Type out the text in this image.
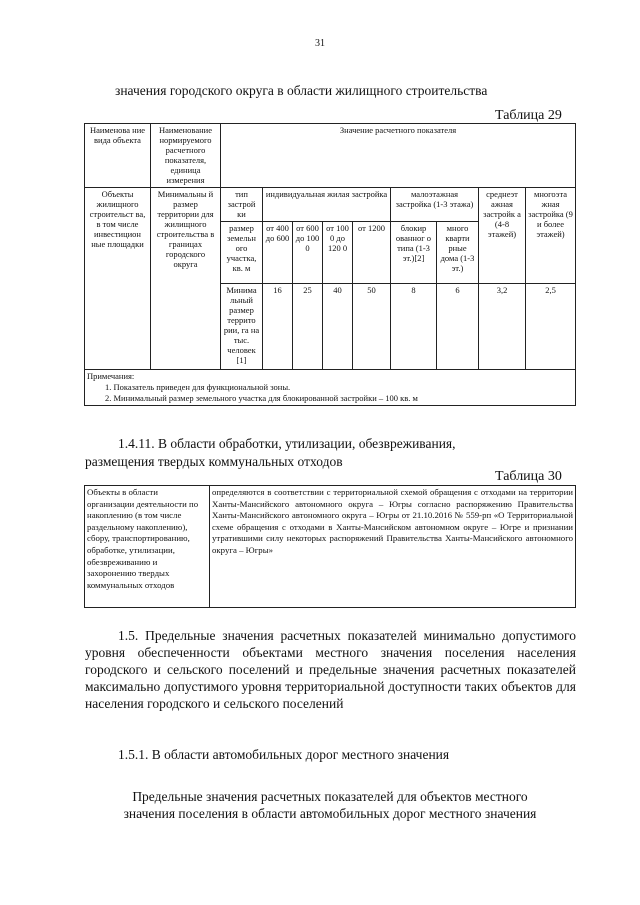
31
значения городского округа в области жилищного строительства
Таблица 29
Наименова ние вида объекта	Наименование нормируемого расчетного показателя, единица измерения	Значение расчетного показателя								
Объекты жилищного строительст ва, в том числе инвестицион ные площадки	Минимальны й размер территории для жилищного строительства в границах городского округа	тип застрой ки	индивидуальная жилая застройка				малоэтажная застройка (1-3 этажа)		среднеэт ажная застройк а (4-8 этажей)	многоэта жная застройка (9 и более этажей)
		размер земельн ого участка, кв. м	от 400 до 600	от 600 до 100 0	от 100 0 до 120 0	от 1200	блокир ованног о типа (1-3 эт.)[2]	много кварти рные дома (1-3 эт.)		
		Минима льный размер террито рии, га на тыс. человек [1]	16	25	40	50	8	6	3,2	2,5

Примечания:
1. Показатель приведен для функциональной зоны.
2. Минимальный размер земельного участка для блокированной застройки – 100 кв. м										
1.4.11. В области обработки, утилизации, обезвреживания,
размещения твердых коммунальных отходов
Таблица 30
Объекты в области организации деятельности по накоплению (в том числе раздельному накоплению), сбору, транспортированию, обработке, утилизации, обезвреживанию и захоронению твердых коммунальных отходов	определяются в соответствии с территориальной схемой обращения с отходами на территории Ханты-Мансийского автономного округа – Югры согласно распоряжению Правительства Ханты-Мансийского автономного округа – Югры от 21.10.2016 № 559-рп «О Территориальной схеме обращения с отходами в Ханты-Мансийском автономном округе – Югре и признании утратившими силу некоторых распоряжений Правительства Ханты-Мансийского автономного округа – Югры»
1.5. Предельные значения расчетных показателей минимально допустимого уровня обеспеченности объектами местного значения поселения населения городского и сельского поселений и предельные значения расчетных показателей максимально допустимого уровня территориальной доступности таких объектов для населения городского и сельского поселений
1.5.1. В области автомобильных дорог местного значения
Предельные значения расчетных показателей для объектов местного
значения поселения в области автомобильных дорог местного значения
